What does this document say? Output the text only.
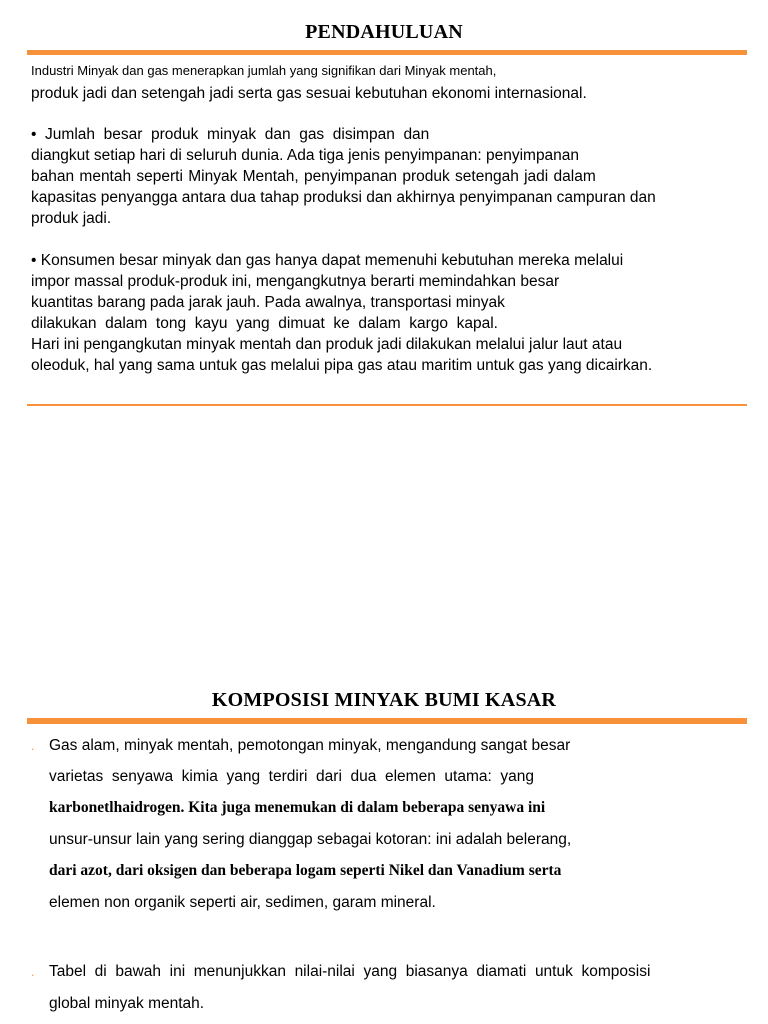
PENDAHULUAN
Industri Minyak dan gas menerapkan jumlah yang signifikan dari Minyak mentah,
produk jadi dan setengah jadi serta gas sesuai kebutuhan ekonomi internasional.
•  Jumlah  besar  produk  minyak  dan  gas  disimpan  dan
diangkut setiap hari di seluruh dunia. Ada tiga jenis penyimpanan: penyimpanan
bahan mentah seperti Minyak Mentah, penyimpanan produk setengah jadi dalam
kapasitas penyangga antara dua tahap produksi dan akhirnya penyimpanan campuran dan
produk jadi.
• Konsumen besar minyak dan gas hanya dapat memenuhi kebutuhan mereka melalui
impor massal produk-produk ini, mengangkutnya berarti memindahkan besar
kuantitas barang pada jarak jauh. Pada awalnya, transportasi minyak
dilakukan  dalam  tong  kayu  yang  dimuat  ke  dalam  kargo  kapal.
Hari ini pengangkutan minyak mentah dan produk jadi dilakukan melalui jalur laut atau
oleoduk, hal yang sama untuk gas melalui pipa gas atau maritim untuk gas yang dicairkan.
KOMPOSISI MINYAK BUMI KASAR
. Gas alam, minyak mentah, pemotongan minyak, mengandung sangat besar
varietas  senyawa  kimia  yang  terdiri  dari  dua  elemen  utama:  yang
karbonetlhaidrogen. Kita juga menemukan di dalam beberapa senyawa ini
unsur-unsur lain yang sering dianggap sebagai kotoran: ini adalah belerang,
dari azot, dari oksigen dan beberapa logam seperti Nikel dan Vanadium serta
elemen non organik seperti air, sedimen, garam mineral.
. Tabel  di  bawah  ini  menunjukkan  nilai-nilai  yang  biasanya  diamati  untuk  komposisi
global minyak mentah.
